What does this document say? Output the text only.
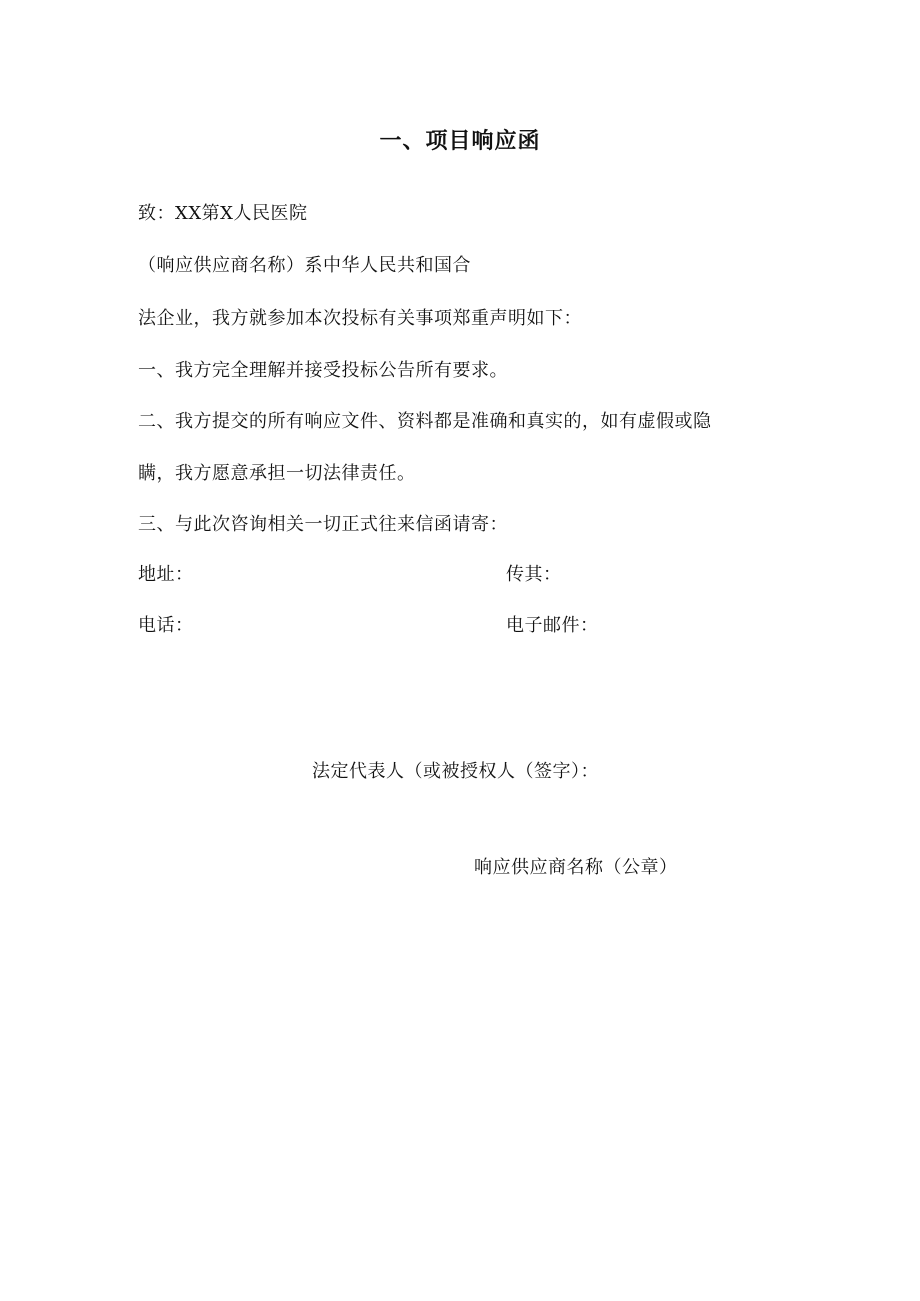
一、项目响应函
致：XX第X人民医院
（响应供应商名称）系中华人民共和国合
法企业，我方就参加本次投标有关事项郑重声明如下：
一、我方完全理解并接受投标公告所有要求。
二、我方提交的所有响应文件、资料都是准确和真实的，如有虚假或隐
瞒，我方愿意承担一切法律责任。
三、与此次咨询相关一切正式往来信函请寄：
地址：	传其：
电话：	电子邮件：
法定代表人（或被授权人（签字）：
响应供应商名称（公章）
